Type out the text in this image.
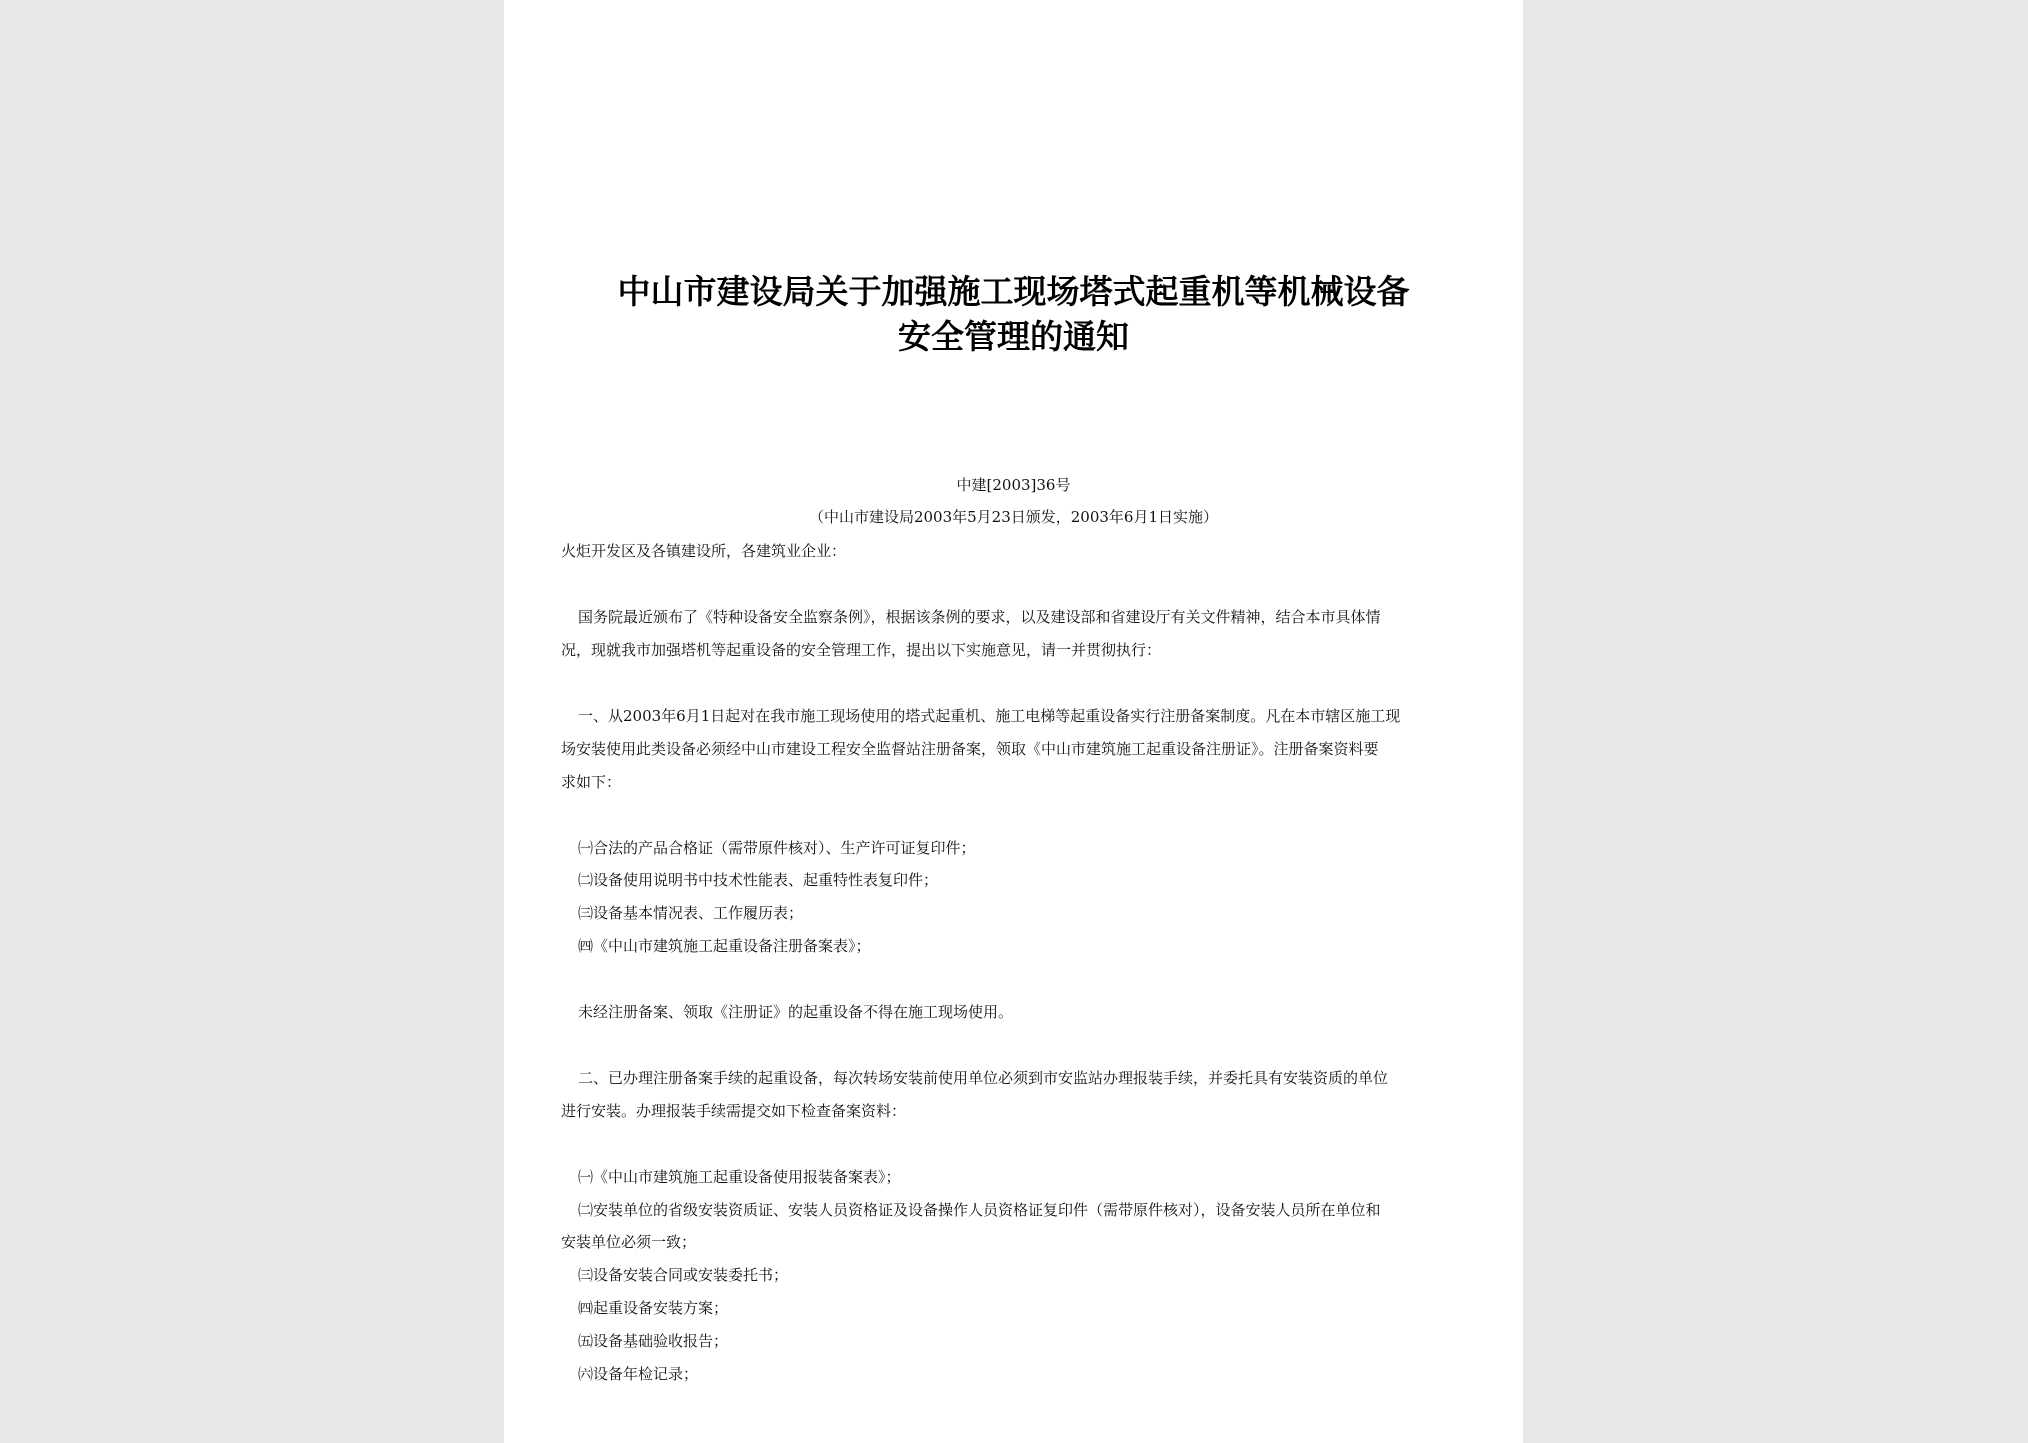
中山市建设局关于加强施工现场塔式起重机等机械设备
安全管理的通知
中建[2003]36号
（中山市建设局2003年5月23日颁发，2003年6月1日实施）
火炬开发区及各镇建设所，各建筑业企业：
国务院最近颁布了《特种设备安全监察条例》，根据该条例的要求，以及建设部和省建设厅有关文件精神，结合本市具体情
况，现就我市加强塔机等起重设备的安全管理工作，提出以下实施意见，请一并贯彻执行：
一、从2003年6月1日起对在我市施工现场使用的塔式起重机、施工电梯等起重设备实行注册备案制度。凡在本市辖区施工现
场安装使用此类设备必须经中山市建设工程安全监督站注册备案，领取《中山市建筑施工起重设备注册证》。注册备案资料要
求如下：
㈠合法的产品合格证（需带原件核对）、生产许可证复印件；
㈡设备使用说明书中技术性能表、起重特性表复印件；
㈢设备基本情况表、工作履历表；
㈣《中山市建筑施工起重设备注册备案表》；
未经注册备案、领取《注册证》的起重设备不得在施工现场使用。
二、已办理注册备案手续的起重设备，每次转场安装前使用单位必须到市安监站办理报装手续，并委托具有安装资质的单位
进行安装。办理报装手续需提交如下检查备案资料：
㈠《中山市建筑施工起重设备使用报装备案表》；
㈡安装单位的省级安装资质证、安装人员资格证及设备操作人员资格证复印件（需带原件核对），设备安装人员所在单位和
安装单位必须一致；
㈢设备安装合同或安装委托书；
㈣起重设备安装方案；
㈤设备基础验收报告；
㈥设备年检记录；
